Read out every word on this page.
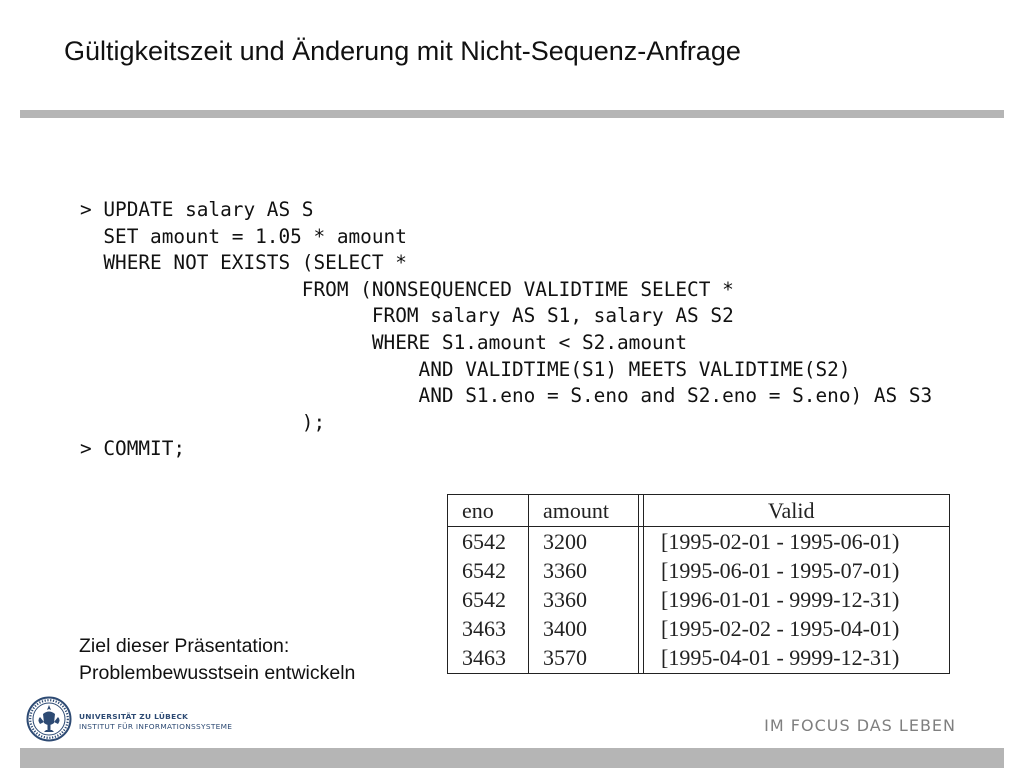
Gültigkeitszeit und Änderung mit Nicht-Sequenz-Anfrage
> UPDATE salary AS S
SET amount = 1.05 * amount
WHERE NOT EXISTS (SELECT *
FROM (NONSEQUENCED VALIDTIME SELECT *
FROM salary AS S1, salary AS S2
WHERE S1.amount < S2.amount
AND VALIDTIME(S1) MEETS VALIDTIME(S2)
AND S1.eno = S.eno and S2.eno = S.eno) AS S3
);
> COMMIT;
eno amount	Valid
6542 3200	[1995-02-01 - 1995-06-01)
6542 3360	[1995-06-01 - 1995-07-01)
6542 3360	[1996-01-01 - 9999-12-31)
3463 3400	[1995-02-02 - 1995-04-01)
3463 3570	[1995-04-01 - 9999-12-31)
Ziel dieser Präsentation:
Problembewusstsein entwickeln
UNIVERSITÄT ZU LÜBECK
INSTITUT FÜR INFORMATIONSSYSTEME	IM FOCUS DAS LEBEN
